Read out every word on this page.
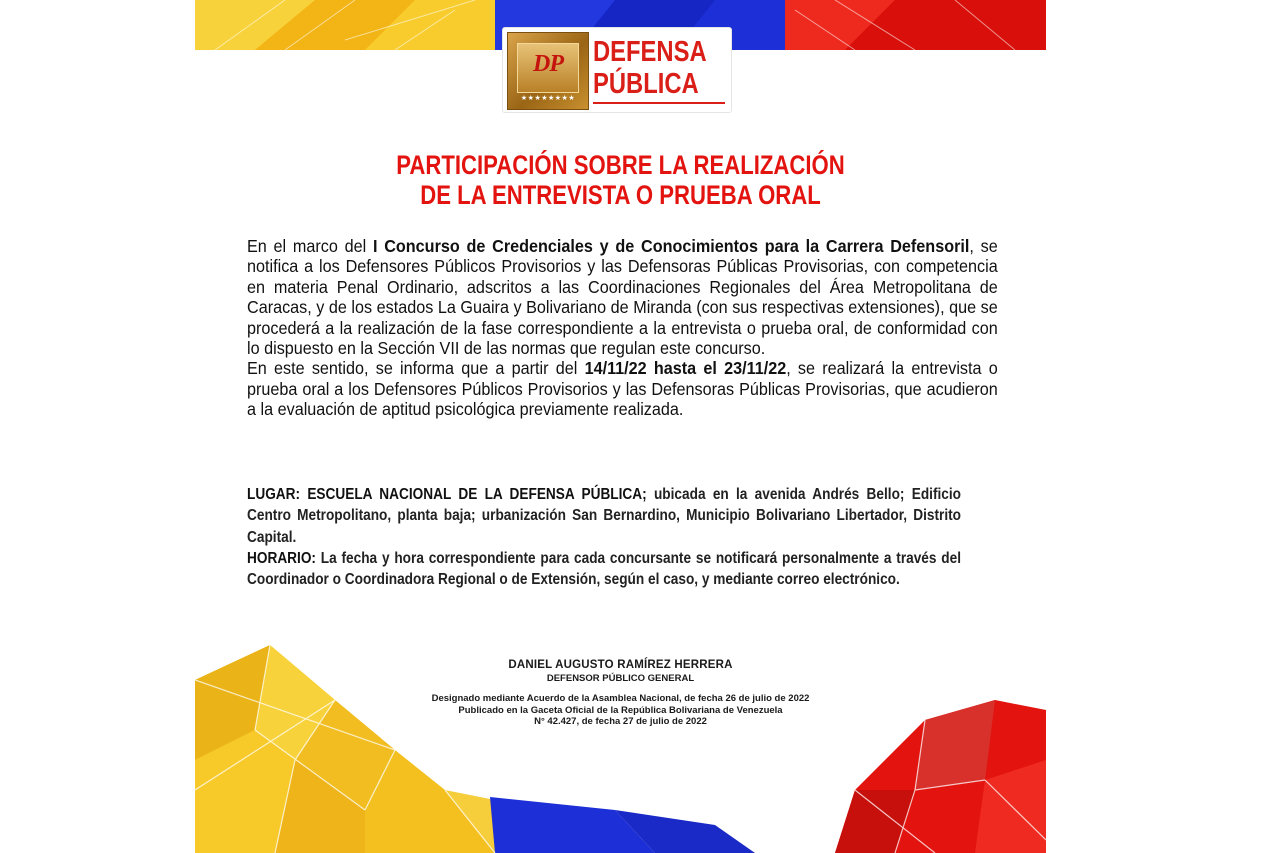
DP
★★★★★★★★
DEFENSA
PÚBLICA
PARTICIPACIÓN SOBRE LA REALIZACIÓN
DE LA ENTREVISTA O PRUEBA ORAL

En el marco del I Concurso de Credenciales y de Conocimientos para la Carrera Defensoril, se notifica a los Defensores Públicos Provisorios y las Defensoras Públicas Provisorias, con competencia en materia Penal Ordinario, adscritos a las Coordinaciones Regionales del Área Metropolitana de Caracas, y de los estados La Guaira y Bolivariano de Miranda (con sus respectivas extensiones), que se procederá a la realización de la fase correspondiente a la entrevista o prueba oral, de conformidad con lo dispuesto en la Sección VII de las normas que regulan este concurso.

En este sentido, se informa que a partir del 14/11/22 hasta el 23/11/22, se realizará la entrevista o prueba oral a los Defensores Públicos Provisorios y las Defensoras Públicas Provisorias, que acudieron a la evaluación de aptitud psicológica previamente realizada.

LUGAR: ESCUELA NACIONAL DE LA DEFENSA PÚBLICA; ubicada en la avenida Andrés Bello; Edificio Centro Metropolitano, planta baja; urbanización San Bernardino, Municipio Bolivariano Libertador, Distrito Capital.

HORARIO: La fecha y hora correspondiente para cada concursante se notificará personalmente a través del Coordinador o Coordinadora Regional o de Extensión, según el caso, y mediante correo electrónico.

DANIEL AUGUSTO RAMÍREZ HERRERA
DEFENSOR PÚBLICO GENERAL
Designado mediante Acuerdo de la Asamblea Nacional, de fecha 26 de julio de 2022
Publicado en la Gaceta Oficial de la República Bolivariana de Venezuela
N° 42.427, de fecha 27 de julio de 2022
